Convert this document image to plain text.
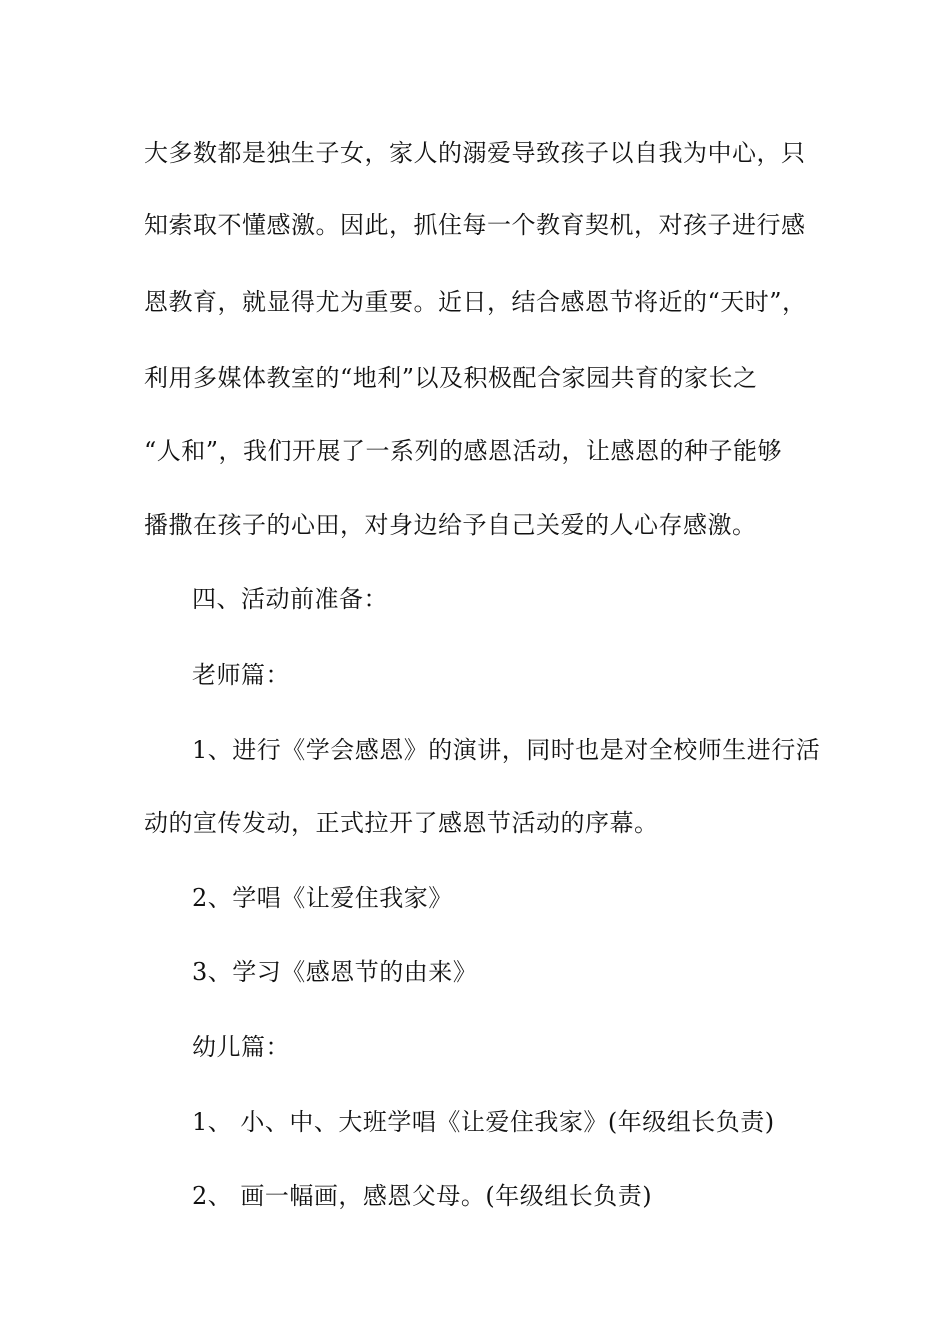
大多数都是独生子女，家人的溺爱导致孩子以自我为中心，只
知索取不懂感激。因此，抓住每一个教育契机，对孩子进行感
恩教育，就显得尤为重要。近日，结合感恩节将近的“天时”，
利用多媒体教室的“地利”以及积极配合家园共育的家长之
“人和”，我们开展了一系列的感恩活动，让感恩的种子能够
播撒在孩子的心田，对身边给予自己关爱的人心存感激。
四、活动前准备：
老师篇：
1、进行《学会感恩》的演讲，同时也是对全校师生进行活
动的宣传发动，正式拉开了感恩节活动的序幕。
2、学唱《让爱住我家》
3、学习《感恩节的由来》
幼儿篇：
1、 小、中、大班学唱《让爱住我家》(年级组长负责)
2、 画一幅画，感恩父母。(年级组长负责)
